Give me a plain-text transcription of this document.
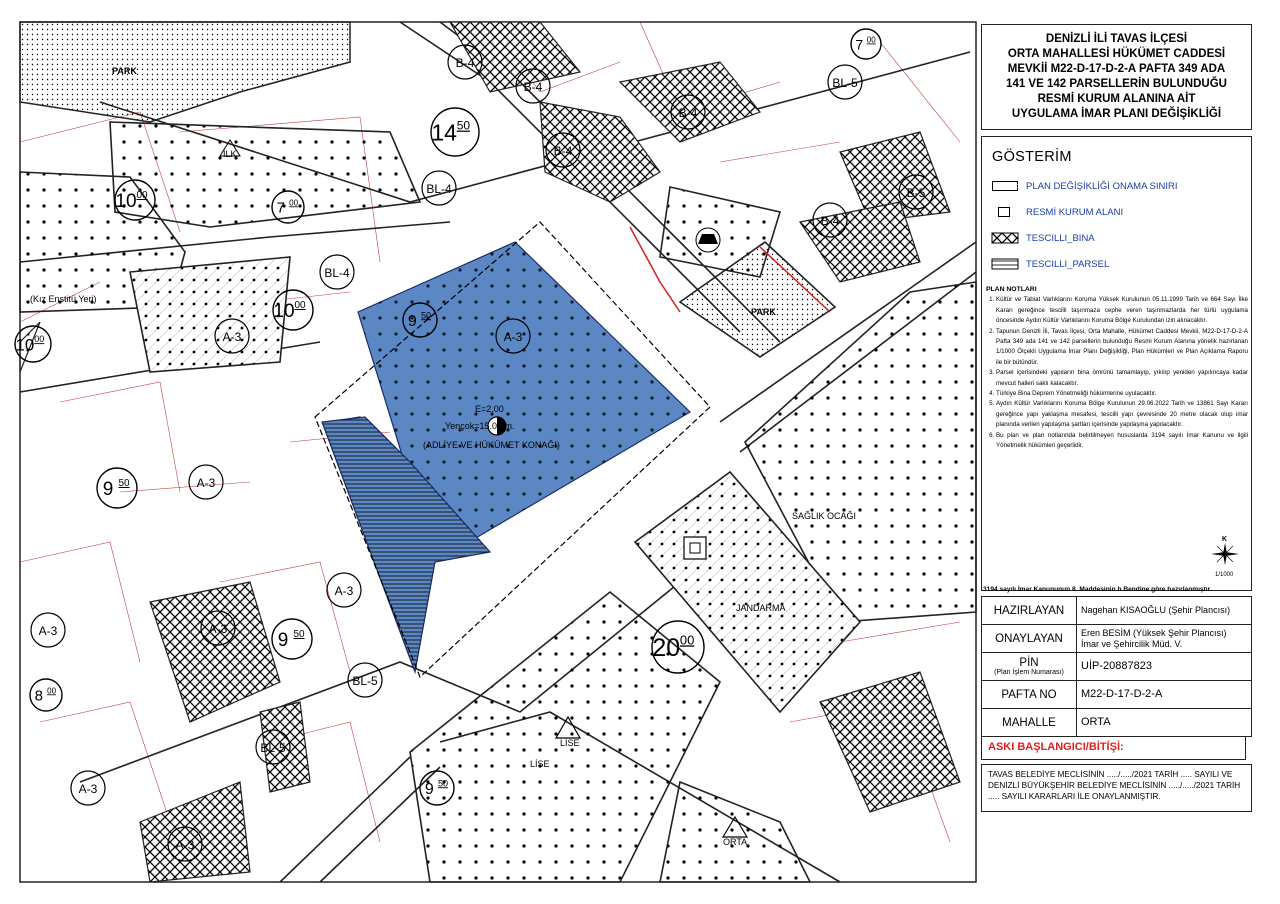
PARK
İLK
LİSE
ORTA
PARK
(Kız Enstitü Yeri)
SAĞLIK OCAĞI
JANDARMA
LİSE
E=2.00
Yençok=15.00 m.
(ADLİYE VE HÜKÜMET KONAĞI)
B-4
B-4
B-4
B-4
B-4
B-5
BL-4
BL-4
A-3	A-3
A-3
A-3
A-3	A-3
A-3
A-3
BL-5
BL-5
BL-5
14 50
10 00
7 00
10 00
10 00
9 50
9 50
9 50	20 00
8 00
9 50
7 00	DENİZLİ İLİ TAVAS İLÇESİ
ORTA MAHALLESİ HÜKÜMET CADDESİ
MEVKİİ M22-D-17-D-2-A PAFTA 349 ADA
141 VE 142 PARSELLERİN BULUNDUĞU
RESMİ KURUM ALANINA AİT
UYGULAMA İMAR PLANI DEĞİŞİKLİĞİ
GÖSTERİM
PLAN DEĞİŞİKLİĞİ ONAMA SINIRI
RESMİ KURUM ALANI
TESCILLI_BINA
TESCILLI_PARSEL
PLAN NOTLARI
1. Kültür ve Tabiat Varlıklarını Koruma Yüksek Kurulunun 05.11.1999 Tarih ve 664 Sayı İlke Kararı gereğince tescilli taşınmaza cephe veren taşınmazlarda her türlü uygulama öncesinde Aydın Kültür Varlıklarını Koruma Bölge Kurulundan izin alınacaktır.
2. Tapunun Denizli İli, Tavas İlçesi, Orta Mahalle, Hükümet Caddesi Mevkii, M22-D-17-D-2-A Pafta 349 ada 141 ve 142 parsellerin bulunduğu Resmi Kurum Alanına yönelik hazırlanan 1/1000 Ölçekli Uygulama İmar Planı Değişikliği, Plan Hükümleri ve Plan Açıklama Raporu ile bir bütündür.
3. Parsel içerisindeki yapıların bina ömrünü tamamlayıp, yıkılıp yeniden yapılıncaya kadar mevcut halleri saklı kalacaktır.
4. Türkiye Bina Deprem Yönetmeliği hükümlerine uyulacaktır.
5. Aydın Kültür Varlıklarını Koruma Bölge Kurulunun 29.06.2022 Tarih ve 13861 Sayı Kararı gereğince yapı yaklaşma mesafesi, tescilli yapı çevresinde 20 metre olacak olup imar planında verilen yapılaşma şartları içerisinde yapılaşma yapılacaktır.
6. Bu plan ve plan notlarında belirtilmeyen hususlarda 3194 sayılı İmar Kanunu ve ilgili Yönetmelik hükümleri geçerlidir.
K
1/1000
3194 sayılı İmar Kanununun 8. Maddesinin b Bendine göre hazırlanmıştır.
HAZIRLAYAN	Nagehan KISAOĞLU (Şehir Plancısı)
ONAYLAYAN	Eren BESİM (Yüksek Şehir Plancısı)
İmar ve Şehircilik Müd. V.

PİN
(Plan İşlem Numarası)	UİP-20887823
PAFTA NO	M22-D-17-D-2-A
MAHALLE	ORTA
ASKI BAŞLANGICI/BİTİŞİ:
TAVAS BELEDİYE MECLİSİNİN ...../...../2021 TARİH ..... SAYILI VE DENİZLİ BÜYÜKŞEHİR BELEDİYE MECLİSİNİN ...../...../2021 TARİH ..... SAYILI KARARLARI İLE ONAYLANMIŞTIR.
